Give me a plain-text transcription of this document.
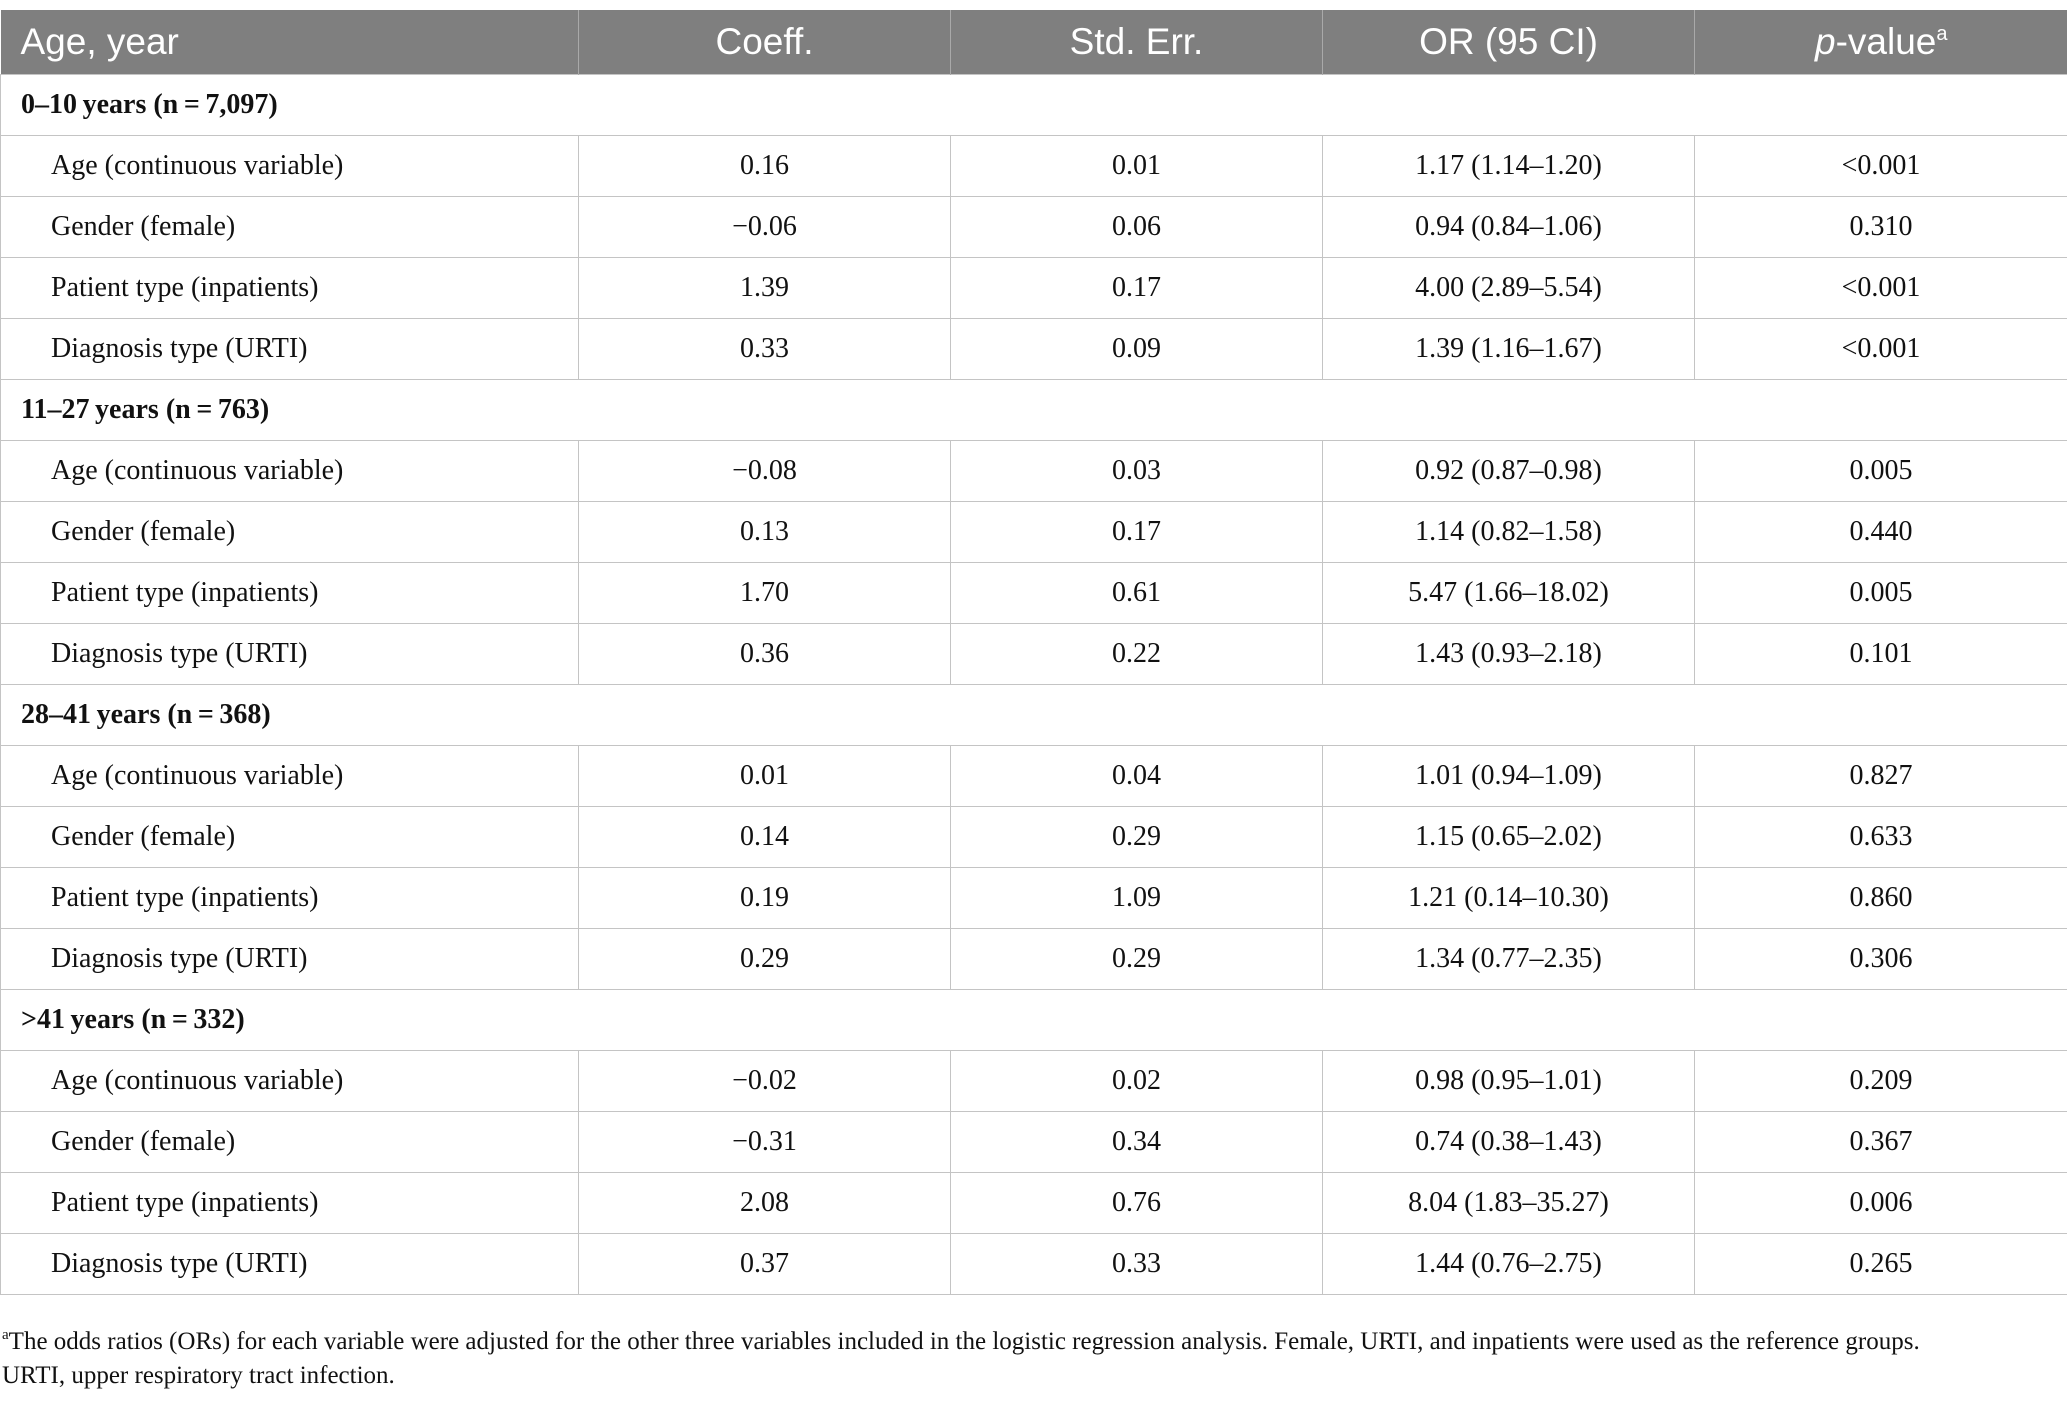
Age, year	Coeff.	Std. Err.	OR (95 CI)	p-value$^a$
0–10 years (n = 7,097)				
Age (continuous variable)	0.16	0.01	1.17 (1.14–1.20)	<0.001
Gender (female)	−0.06	0.06	0.94 (0.84–1.06)	0.310
Patient type (inpatients)	1.39	0.17	4.00 (2.89–5.54)	<0.001
Diagnosis type (URTI)	0.33	0.09	1.39 (1.16–1.67)	<0.001
11–27 years (n = 763)				
Age (continuous variable)	−0.08	0.03	0.92 (0.87–0.98)	0.005
Gender (female)	0.13	0.17	1.14 (0.82–1.58)	0.440
Patient type (inpatients)	1.70	0.61	5.47 (1.66–18.02)	0.005
Diagnosis type (URTI)	0.36	0.22	1.43 (0.93–2.18)	0.101
28–41 years (n = 368)				
Age (continuous variable)	0.01	0.04	1.01 (0.94–1.09)	0.827
Gender (female)	0.14	0.29	1.15 (0.65–2.02)	0.633
Patient type (inpatients)	0.19	1.09	1.21 (0.14–10.30)	0.860
Diagnosis type (URTI)	0.29	0.29	1.34 (0.77–2.35)	0.306
>41 years (n = 332)				
Age (continuous variable)	−0.02	0.02	0.98 (0.95–1.01)	0.209
Gender (female)	−0.31	0.34	0.74 (0.38–1.43)	0.367
Patient type (inpatients)	2.08	0.76	8.04 (1.83–35.27)	0.006
Diagnosis type (URTI)	0.37	0.33	1.44 (0.76–2.75)	0.265
$^a$The odds ratios (ORs) for each variable were adjusted for the other three variables included in the logistic regression analysis. Female, URTI, and inpatients were used as the reference groups.
URTI, upper respiratory tract infection.
